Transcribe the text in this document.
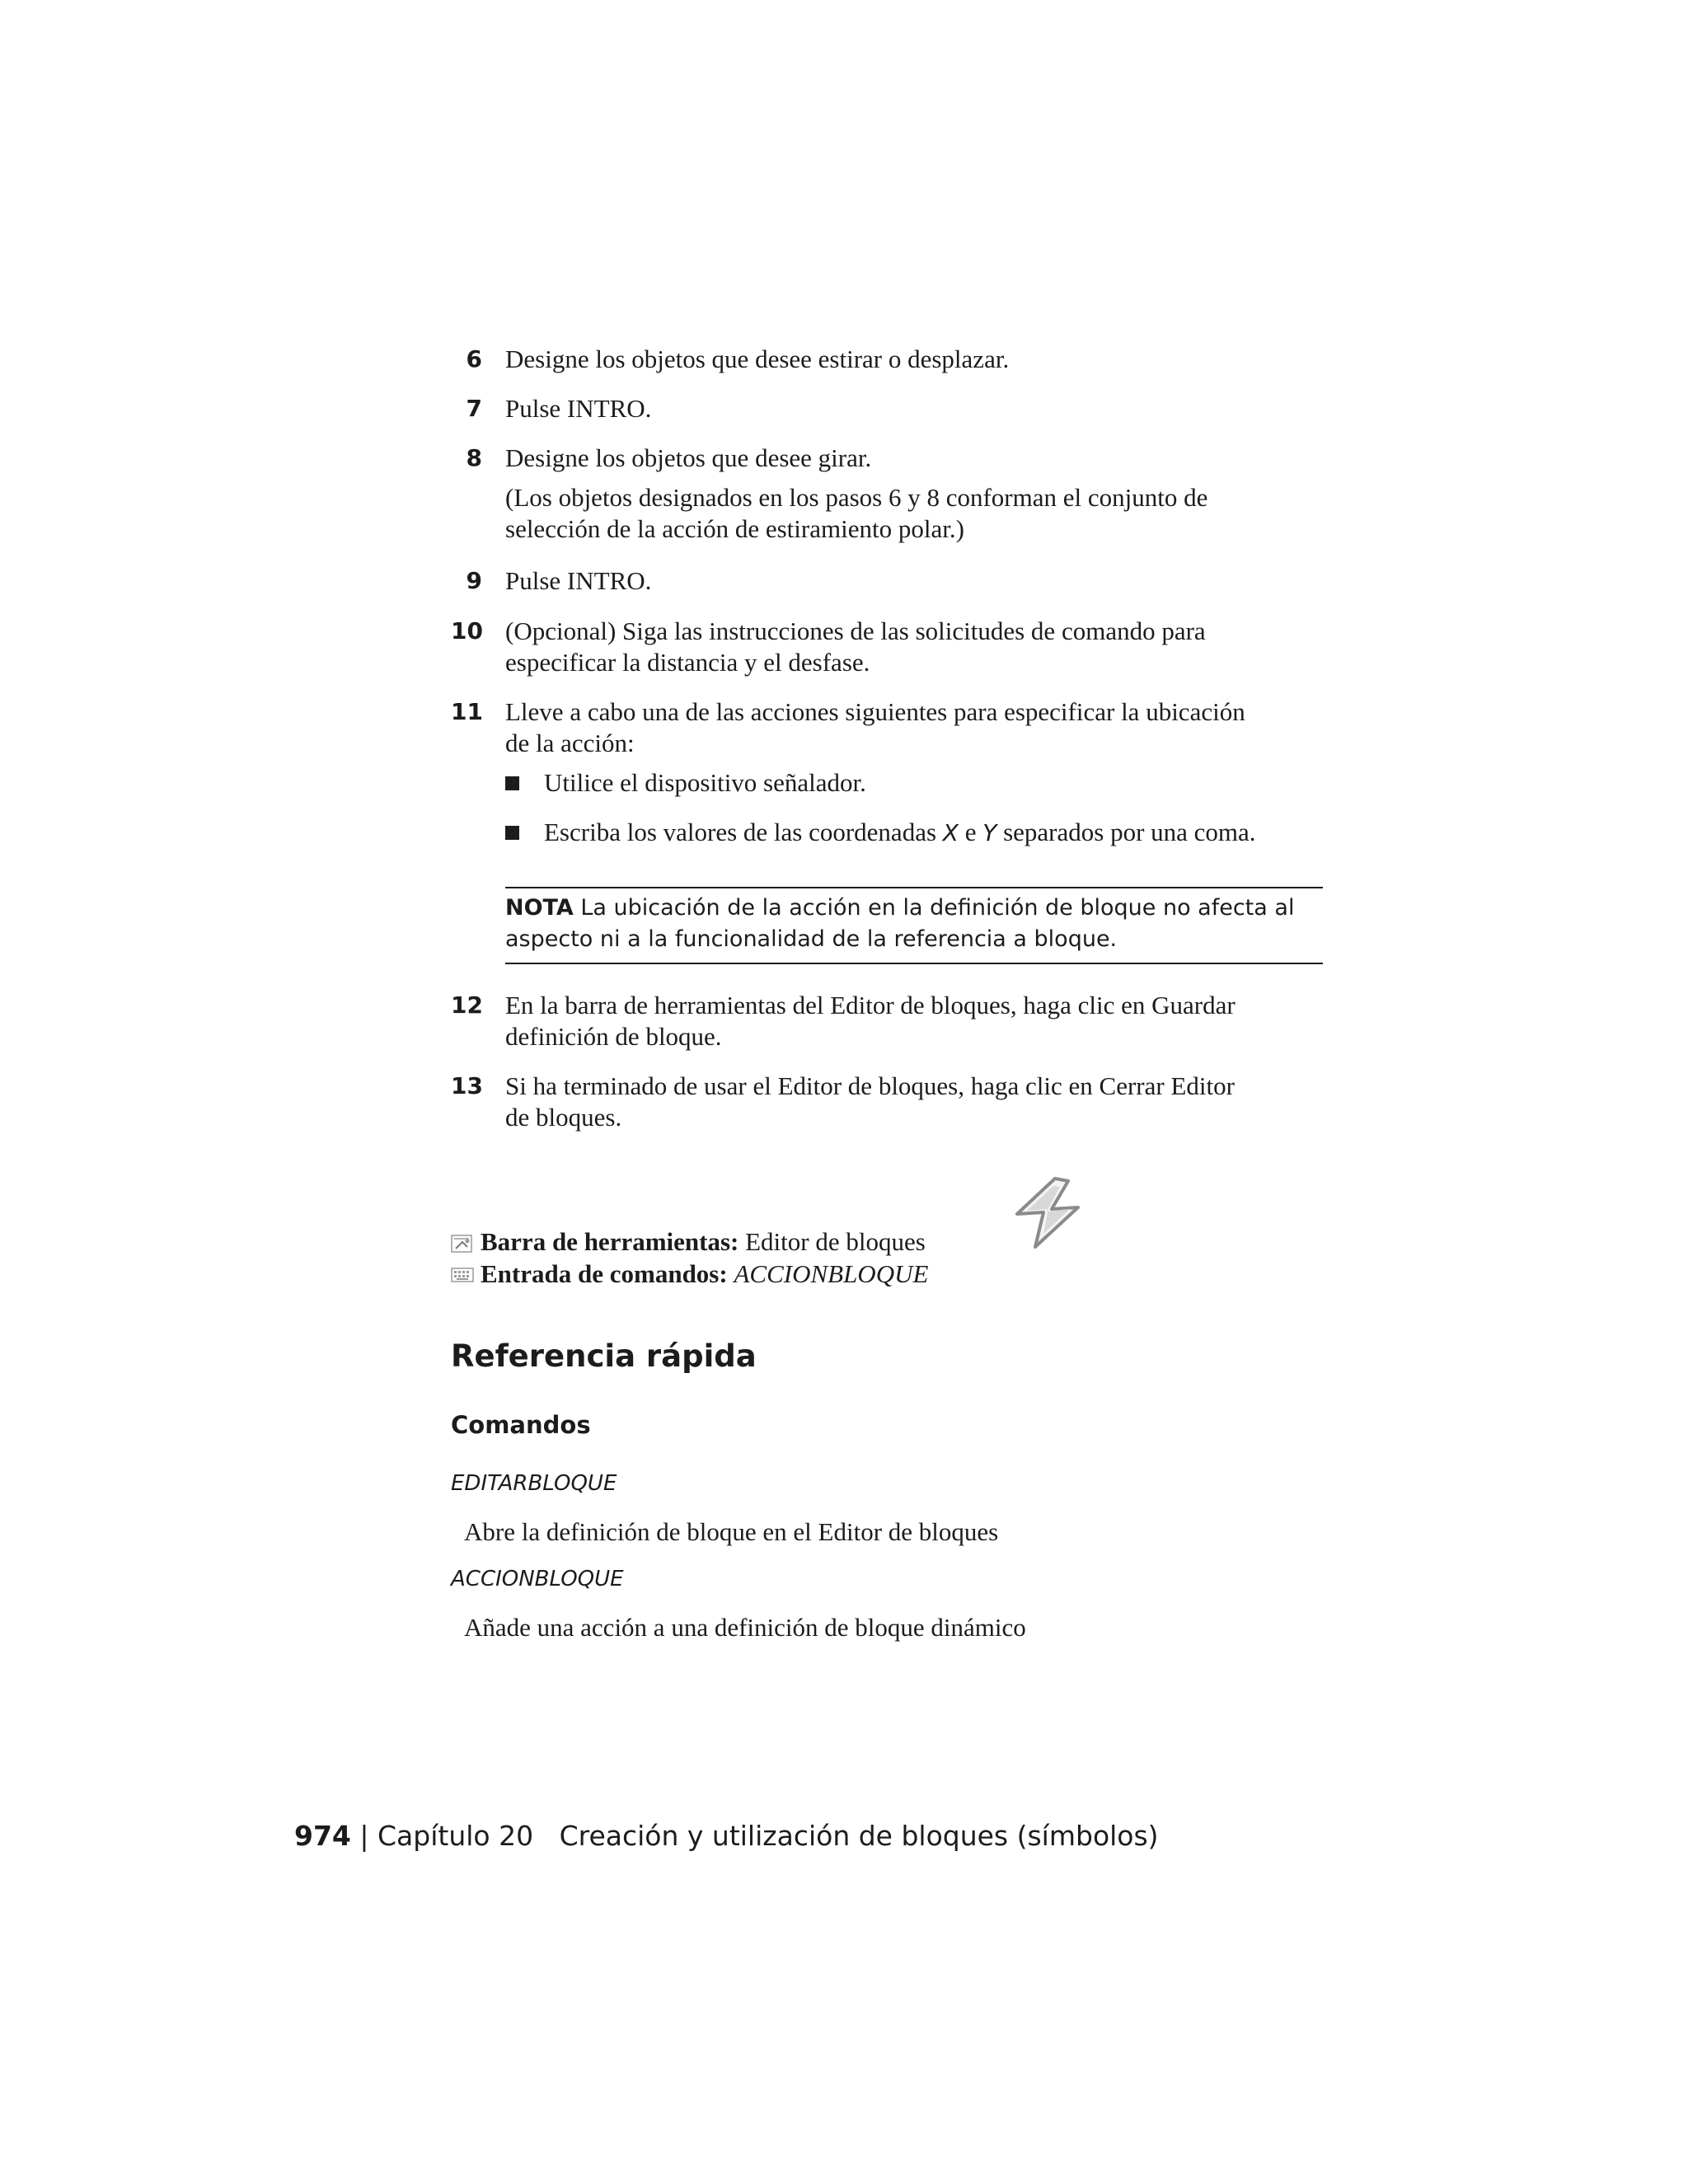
6 Designe los objetos que desee estirar o desplazar.
7 Pulse INTRO.
8 Designe los objetos que desee girar.
(Los objetos designados en los pasos 6 y 8 conforman el conjunto de
selección de la acción de estiramiento polar.)
9 Pulse INTRO.
10 (Opcional) Siga las instrucciones de las solicitudes de comando para
especificar la distancia y el desfase.
11 Lleve a cabo una de las acciones siguientes para especificar la ubicación
de la acción:
Utilice el dispositivo señalador.
Escriba los valores de las coordenadas X e Y separados por una coma.
NOTA La ubicación de la acción en la definición de bloque no afecta al
aspecto ni a la funcionalidad de la referencia a bloque.
12 En la barra de herramientas del Editor de bloques, haga clic en Guardar
definición de bloque.
13 Si ha terminado de usar el Editor de bloques, haga clic en Cerrar Editor
de bloques.
Barra de herramientas: Editor de bloques
Entrada de comandos: ACCIONBLOQUE
Referencia rápida
Comandos
EDITARBLOQUE
Abre la definición de bloque en el Editor de bloques
ACCIONBLOQUE
Añade una acción a una definición de bloque dinámico
974 | Capítulo 20 Creación y utilización de bloques (símbolos)
